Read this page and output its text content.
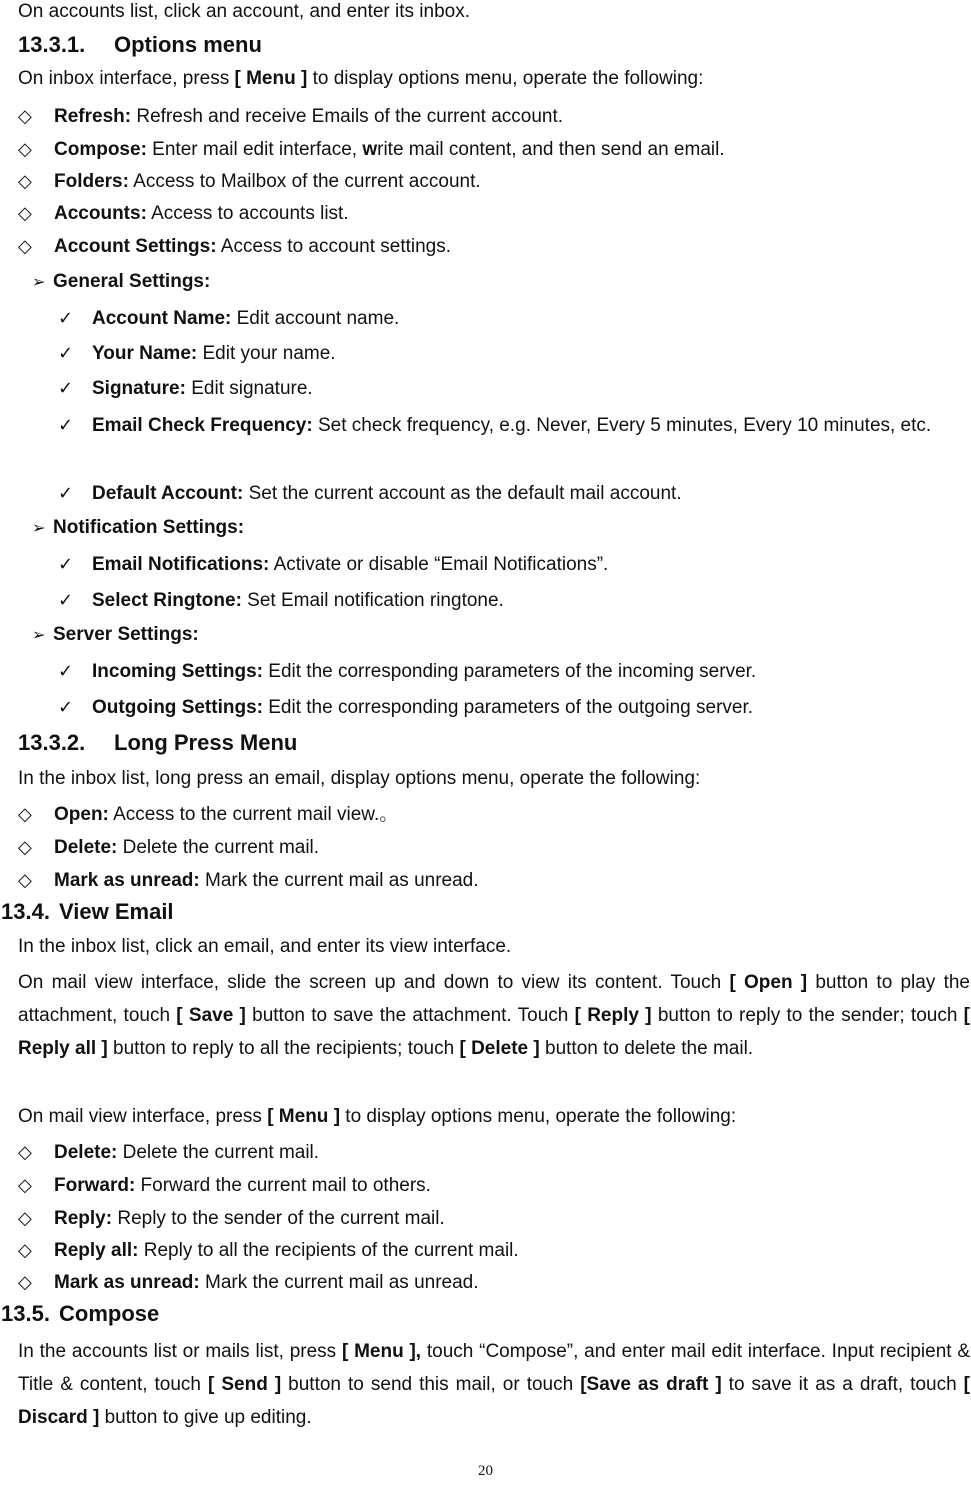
On accounts list, click an account, and enter its inbox.
13.3.1. Options menu
On inbox interface, press [ Menu ] to display options menu, operate the following:
◇ Refresh: Refresh and receive Emails of the current account.
◇ Compose: Enter mail edit interface, write mail content, and then send an email.
◇ Folders: Access to Mailbox of the current account.
◇ Accounts: Access to accounts list.
◇ Account Settings: Access to account settings.
➢ General Settings:
✓ Account Name: Edit account name.
✓ Your Name: Edit your name.
✓ Signature: Edit signature.
✓ Email Check Frequency: Set check frequency, e.g. Never, Every 5 minutes, Every 10 minutes, etc.
✓ Default Account: Set the current account as the default mail account.
➢ Notification Settings:
✓ Email Notifications: Activate or disable “Email Notifications”.
✓ Select Ringtone: Set Email notification ringtone.
➢ Server Settings:
✓ Incoming Settings: Edit the corresponding parameters of the incoming server.
✓ Outgoing Settings: Edit the corresponding parameters of the outgoing server.
13.3.2. Long Press Menu
In the inbox list, long press an email, display options menu, operate the following:
◇ Open: Access to the current mail view.。
◇ Delete: Delete the current mail.
◇ Mark as unread: Mark the current mail as unread.
13.4. View Email
In the inbox list, click an email, and enter its view interface.
On mail view interface, slide the screen up and down to view its content. Touch [ Open ] button to play the attachment, touch [ Save ] button to save the attachment. Touch [ Reply ] button to reply to the sender; touch [ Reply all ] button to reply to all the recipients; touch [ Delete ] button to delete the mail.
On mail view interface, press [ Menu ] to display options menu, operate the following:
◇ Delete: Delete the current mail.
◇ Forward: Forward the current mail to others.
◇ Reply: Reply to the sender of the current mail.
◇ Reply all: Reply to all the recipients of the current mail.
◇ Mark as unread: Mark the current mail as unread.
13.5. Compose
In the accounts list or mails list, press [ Menu ], touch “Compose”, and enter mail edit interface. Input recipient & Title & content, touch [ Send ] button to send this mail, or touch [Save as draft ] to save it as a draft, touch [ Discard ] button to give up editing.
20
